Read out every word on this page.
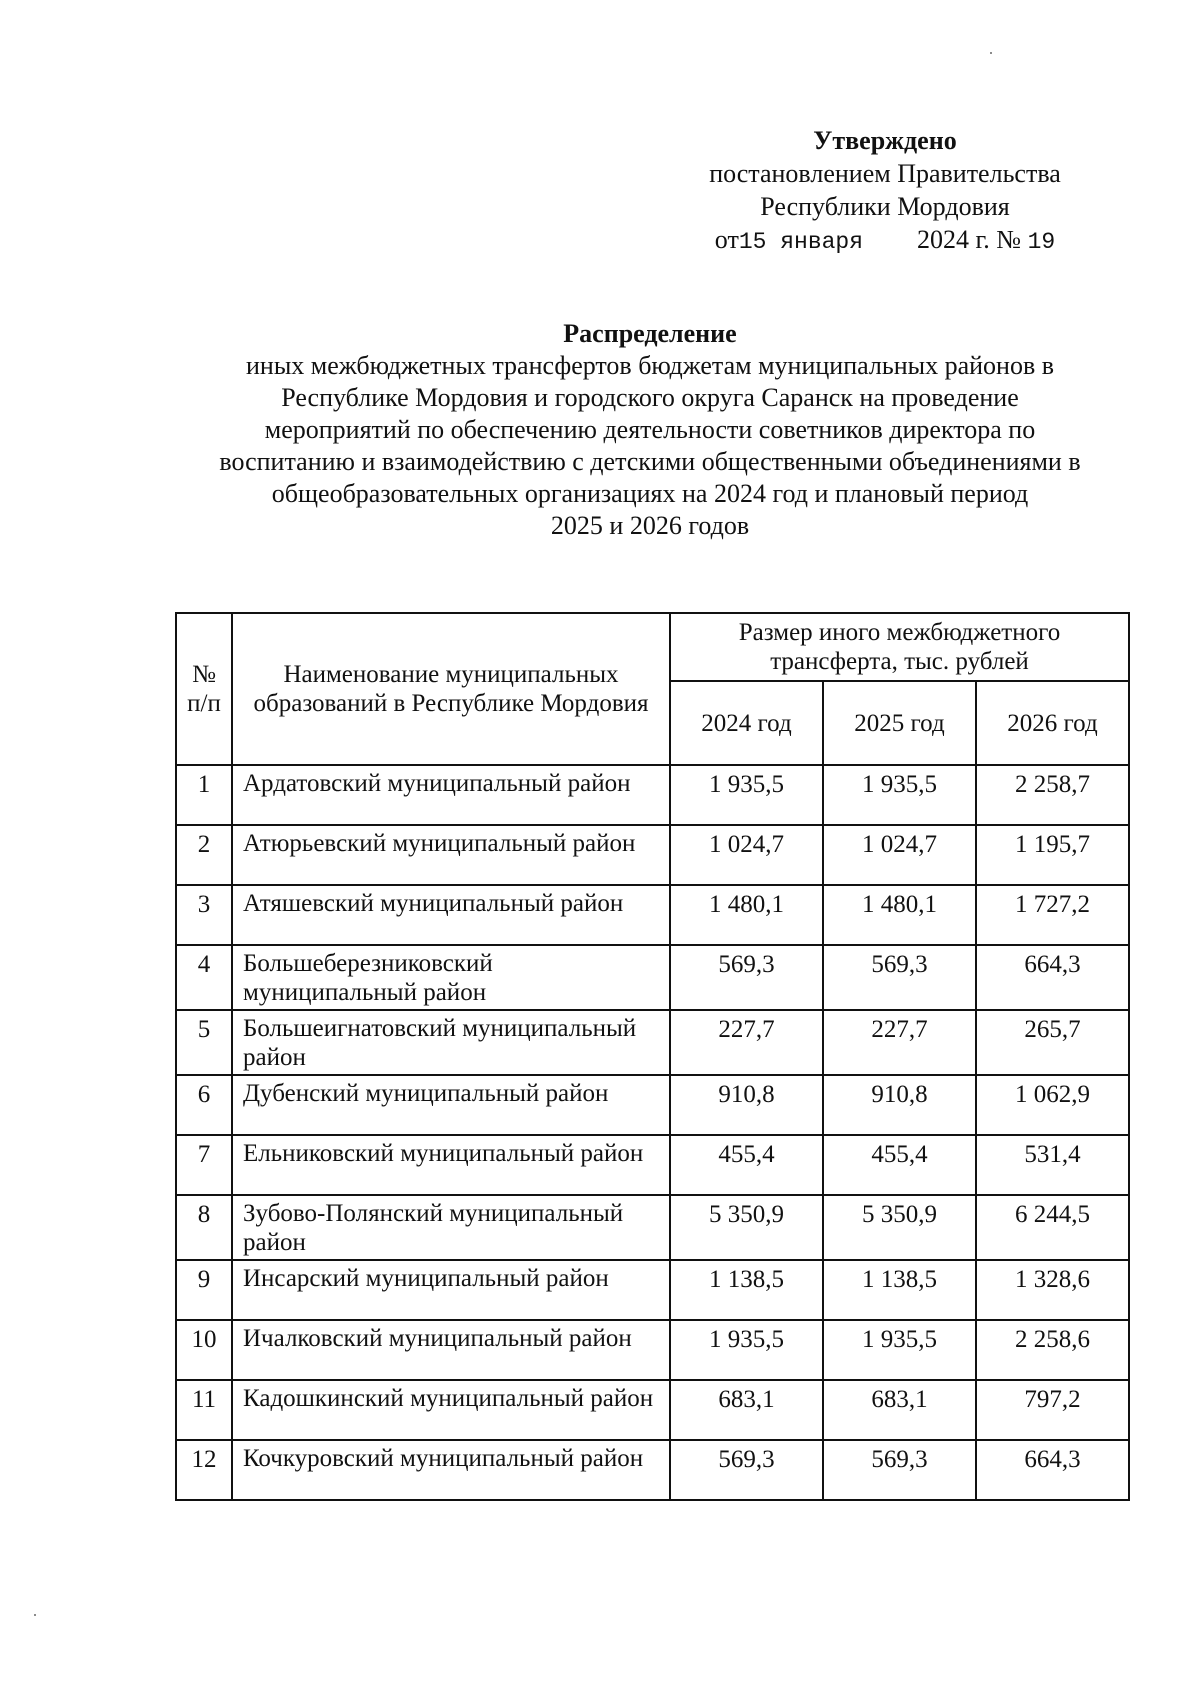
Утверждено
постановлением Правительства
Республики Мордовия
от15 января 2024 г. № 19
Распределение
иных межбюджетных трансфертов бюджетам муниципальных районов в
Республике Мордовия и городского округа Саранск на проведение
мероприятий по обеспечению деятельности советников директора по
воспитанию и взаимодействию с детскими общественными объединениями в
общеобразовательных организациях на 2024 год и плановый период
2025 и 2026 годов
№ п/п	Наименование муниципальных образований в Республике Мордовия	Размер иного межбюджетного трансферта, тыс. рублей		
		2024 год	2025 год	2026 год
1	Ардатовский муниципальный район	1 935,5	1 935,5	2 258,7
2	Атюрьевский муниципальный район	1 024,7	1 024,7	1 195,7
3	Атяшевский муниципальный район	1 480,1	1 480,1	1 727,2
4	Большеберезниковский муниципальный район	569,3	569,3	664,3
5	Большеигнатовский муниципальный район	227,7	227,7	265,7
6	Дубенский муниципальный район	910,8	910,8	1 062,9
7	Ельниковский муниципальный район	455,4	455,4	531,4
8	Зубово-Полянский муниципальный район	5 350,9	5 350,9	6 244,5
9	Инсарский муниципальный район	1 138,5	1 138,5	1 328,6
10	Ичалковский муниципальный район	1 935,5	1 935,5	2 258,6
11	Кадошкинский муниципальный район	683,1	683,1	797,2
12	Кочкуровский муниципальный район	569,3	569,3	664,3
